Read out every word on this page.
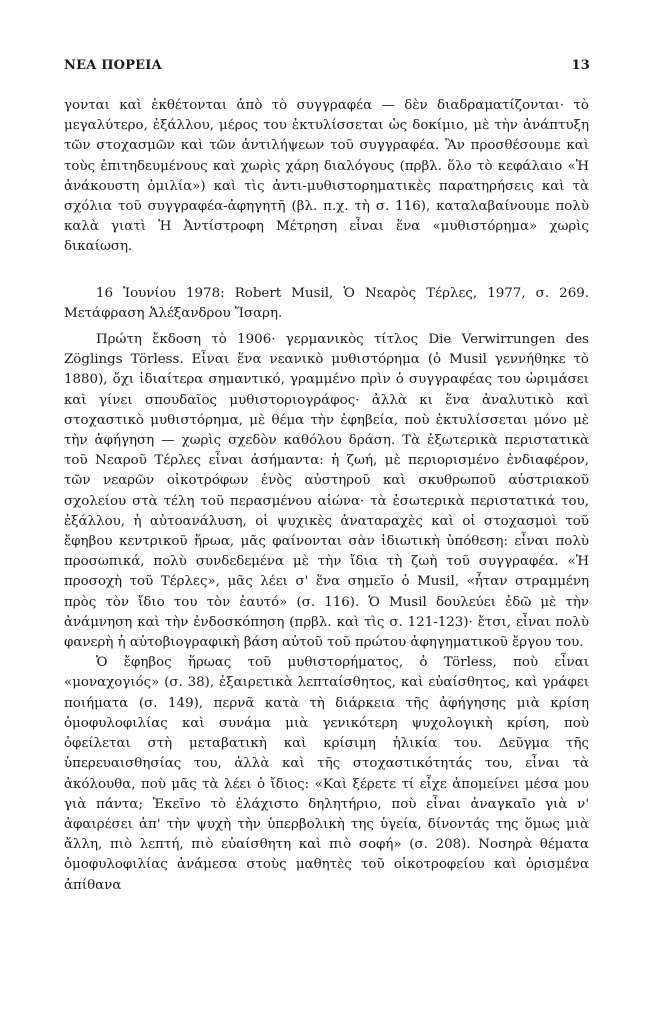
ΝΕΑ ΠΟΡΕΙΑ	13

γονται καὶ ἐκθέτονται ἀπὸ τὸ συγγραφέα — δὲν διαδραματίζονται· τὸ μεγαλύτερο, ἐξάλλου, μέρος του ἐκτυλίσσεται ὡς δοκίμιο, μὲ τὴν ἀνάπτυξη τῶν στοχασμῶν καὶ τῶν ἀντιλήψεων τοῦ συγγραφέα. Ἂν προσθέσουμε καὶ τοὺς ἐπιτηδευμένους καὶ χωρὶς χάρη διαλόγους (πρβλ. ὅλο τὸ κεφάλαιο «Ἡ ἀνάκουστη ὁμιλία») καὶ τὶς ἀντι-μυθιστορηματικὲς παρατηρήσεις καὶ τὰ σχόλια τοῦ συγγραφέα-ἀφηγητῆ (βλ. π.χ. τὴ σ. 116), καταλαβαίνουμε πολὺ καλὰ γιατὶ Ἡ Ἀντίστροφη Μέτρηση εἶναι ἕνα «μυθιστόρημα» χωρὶς δικαίωση.

16 Ἰουνίου 1978: Robert Musil, Ὁ Νεαρὸς Τέρλες, 1977, σ. 269. Μετάφραση Ἀλέξανδρου Ἴσαρη.

Πρώτη ἔκδοση τὸ 1906· γερμανικὸς τίτλος Die Verwirrungen des Zöglings Törless. Εἶναι ἕνα νεανικὸ μυθιστόρημα (ὁ Musil γεννήθηκε τὸ 1880), ὄχι ἰδιαίτερα σημαντικό, γραμμένο πρὶν ὁ συγγραφέας του ὡριμάσει καὶ γίνει σπουδαῖος μυθιστοριογράφος· ἀλλὰ κι ἕνα ἀναλυτικὸ καὶ στοχαστικὸ μυθιστόρημα, μὲ θέμα τὴν ἐφηβεία, ποὺ ἐκτυλίσσεται μόνο μὲ τὴν ἀφήγηση — χωρὶς σχεδὸν καθόλου δράση. Τὰ ἐξωτερικὰ περιστατικὰ τοῦ Νεαροῦ Τέρλες εἶναι ἀσήμαντα: ἡ ζωή, μὲ περιορισμένο ἐνδιαφέρον, τῶν νεαρῶν οἰκοτρόφων ἑνὸς αὐστηροῦ καὶ σκυθρωποῦ αὐστριακοῦ σχολείου στὰ τέλη τοῦ περασμένου αἰώνα· τὰ ἐσωτερικὰ περιστατικά του, ἐξάλλου, ἡ αὐτοανάλυση, οἱ ψυχικὲς ἀναταραχὲς καὶ οἱ στοχασμοὶ τοῦ ἔφηβου κεντρικοῦ ἥρωα, μᾶς φαίνονται σὰν ἰδιωτικὴ ὑπόθεση: εἶναι πολὺ προσωπικά, πολὺ συνδεδεμένα μὲ τὴν ἴδια τὴ ζωὴ τοῦ συγγραφέα. «Ἡ προσοχὴ τοῦ Τέρλες», μᾶς λέει σ' ἕνα σημεῖο ὁ Musil, «ἦταν στραμμένη πρὸς τὸν ἴδιο του τὸν ἑαυτό» (σ. 116). Ὁ Musil δουλεύει ἐδῶ μὲ τὴν ἀνάμνηση καὶ τὴν ἐνδοσκόπηση (πρβλ. καὶ τὶς σ. 121-123)· ἔτσι, εἶναι πολὺ φανερὴ ἡ αὐτοβιογραφικὴ βάση αὐτοῦ τοῦ πρώτου ἀφηγηματικοῦ ἔργου του.

Ὁ ἔφηβος ἥρωας τοῦ μυθιστορήματος, ὁ Törless, ποὺ εἶναι «μοναχογιός» (σ. 38), ἐξαιρετικὰ λεπταίσθητος, καὶ εὐαίσθητος, καὶ γράφει ποιήματα (σ. 149), περνᾶ κατὰ τὴ διάρκεια τῆς ἀφήγησης μιὰ κρίση ὁμοφυλοφιλίας καὶ συνάμα μιὰ γενικότερη ψυχολογικὴ κρίση, ποὺ ὀφείλεται στὴ μεταβατικὴ καὶ κρίσιμη ἡλικία του. Δεῦγμα τῆς ὑπερευαισθησίας του, ἀλλὰ καὶ τῆς στοχαστικότητάς του, εἶναι τὰ ἀκόλουθα, ποὺ μᾶς τὰ λέει ὁ ἴδιος: «Καὶ ξέρετε τί εἶχε ἀπομείνει μέσα μου γιὰ πάντα; Ἐκεῖνο τὸ ἐλάχιστο δηλητήριο, ποὺ εἶναι ἀναγκαῖο γιὰ ν' ἀφαιρέσει ἀπ' τὴν ψυχὴ τὴν ὑπερβολικὴ της ὑγεία, δίνοντάς της ὅμως μιὰ ἄλλη, πιὸ λεπτή, πιὸ εὐαίσθητη καὶ πιὸ σοφή» (σ. 208). Νοσηρὰ θέματα ὁμοφυλοφιλίας ἀνάμεσα στοὺς μαθητὲς τοῦ οἰκοτροφείου καὶ ὁρισμένα ἀπίθανα
